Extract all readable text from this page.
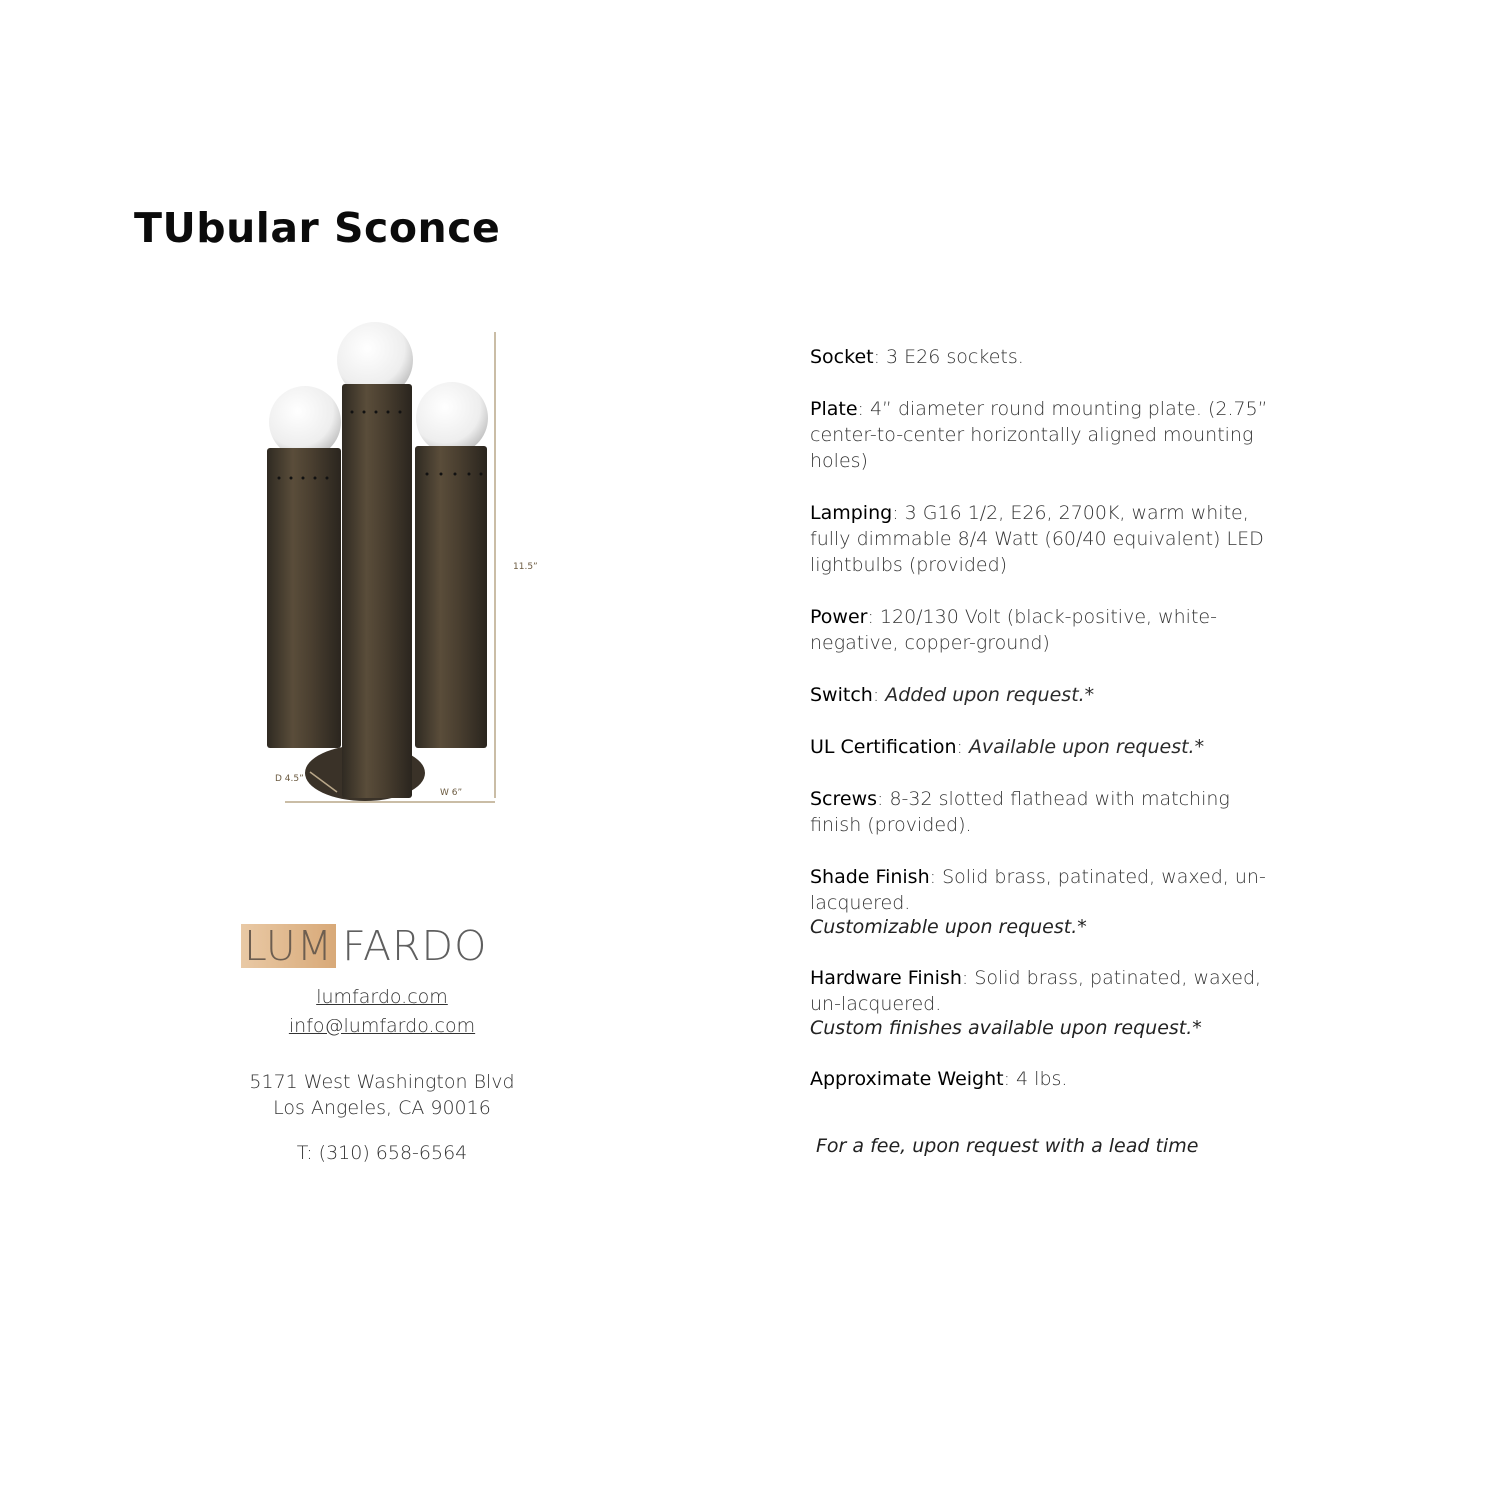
TUbular Sconce
11.5”
D 4.5”
W 6”

Socket: 3 E26 sockets.

Plate: 4” diameter round mounting plate. (2.75” center-to-center horizontally aligned mounting holes)

Lamping: 3 G16 1/2, E26, 2700K, warm white, fully dimmable 8/4 Watt (60/40 equivalent) LED lightbulbs (provided)

Power: 120/130 Volt (black-positive, white-negative, copper-ground)

Switch: Added upon request.*

UL Certification: Available upon request.*

Screws: 8-32 slotted flathead with matching finish (provided).

Shade Finish: Solid brass, patinated, waxed, un-lacquered.
Customizable upon request.*

Hardware Finish: Solid brass, patinated, waxed, un-lacquered.
Custom finishes available upon request.*

Approximate Weight: 4 lbs.

For a fee, upon request with a lead time
LUM FARDO
lumfardo.com
info@lumfardo.com
5171 West Washington Blvd
Los Angeles, CA 90016
T: (310) 658-6564
